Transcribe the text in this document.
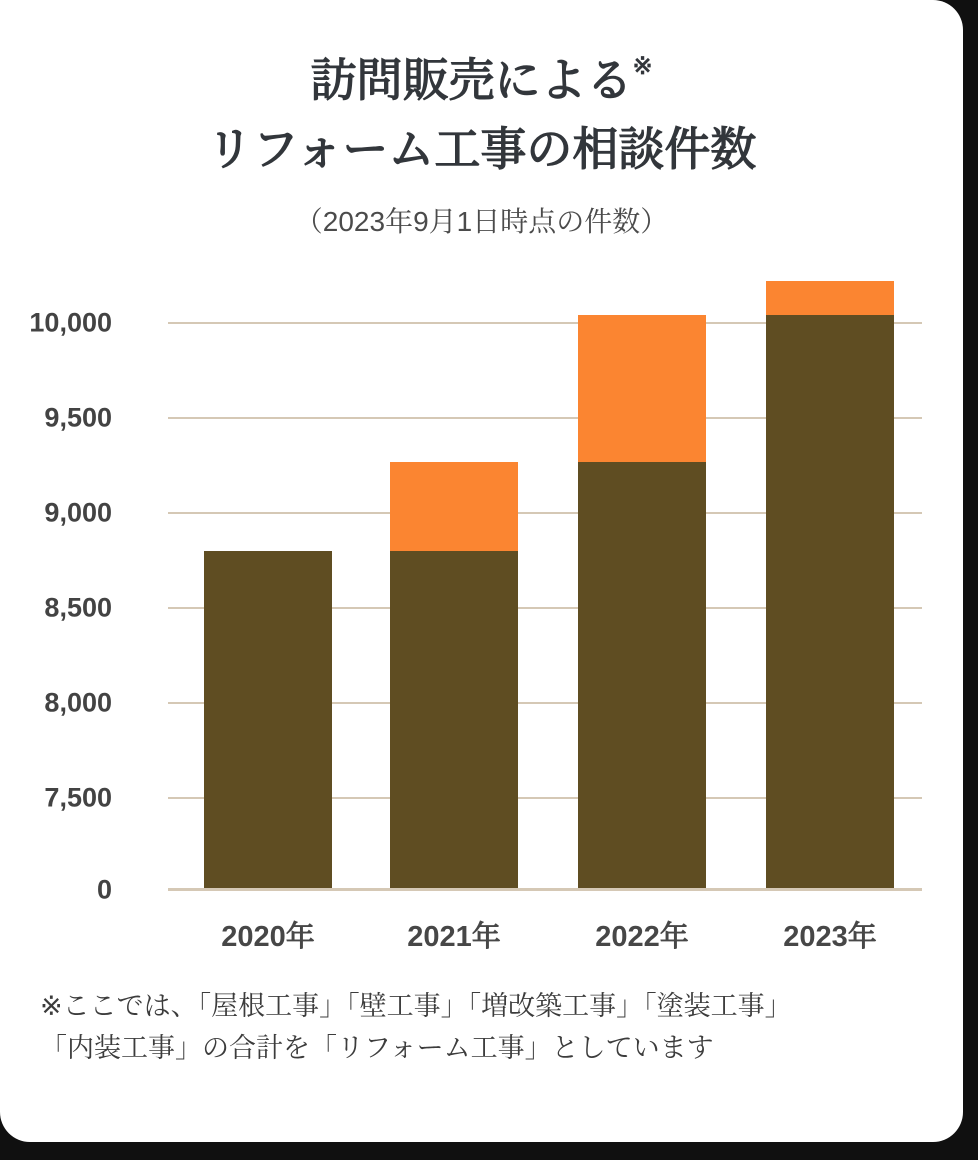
訪問販売による※
リフォーム工事の相談件数
（2023年9月1日時点の件数）
10,000
9,500
9,000
8,500
8,000
7,500
0
2020年	2021年	2022年	2023年
※ここでは、「屋根工事」「壁工事」「増改築工事」「塗装工事」
「内装工事」の合計を「リフォーム工事」としています
